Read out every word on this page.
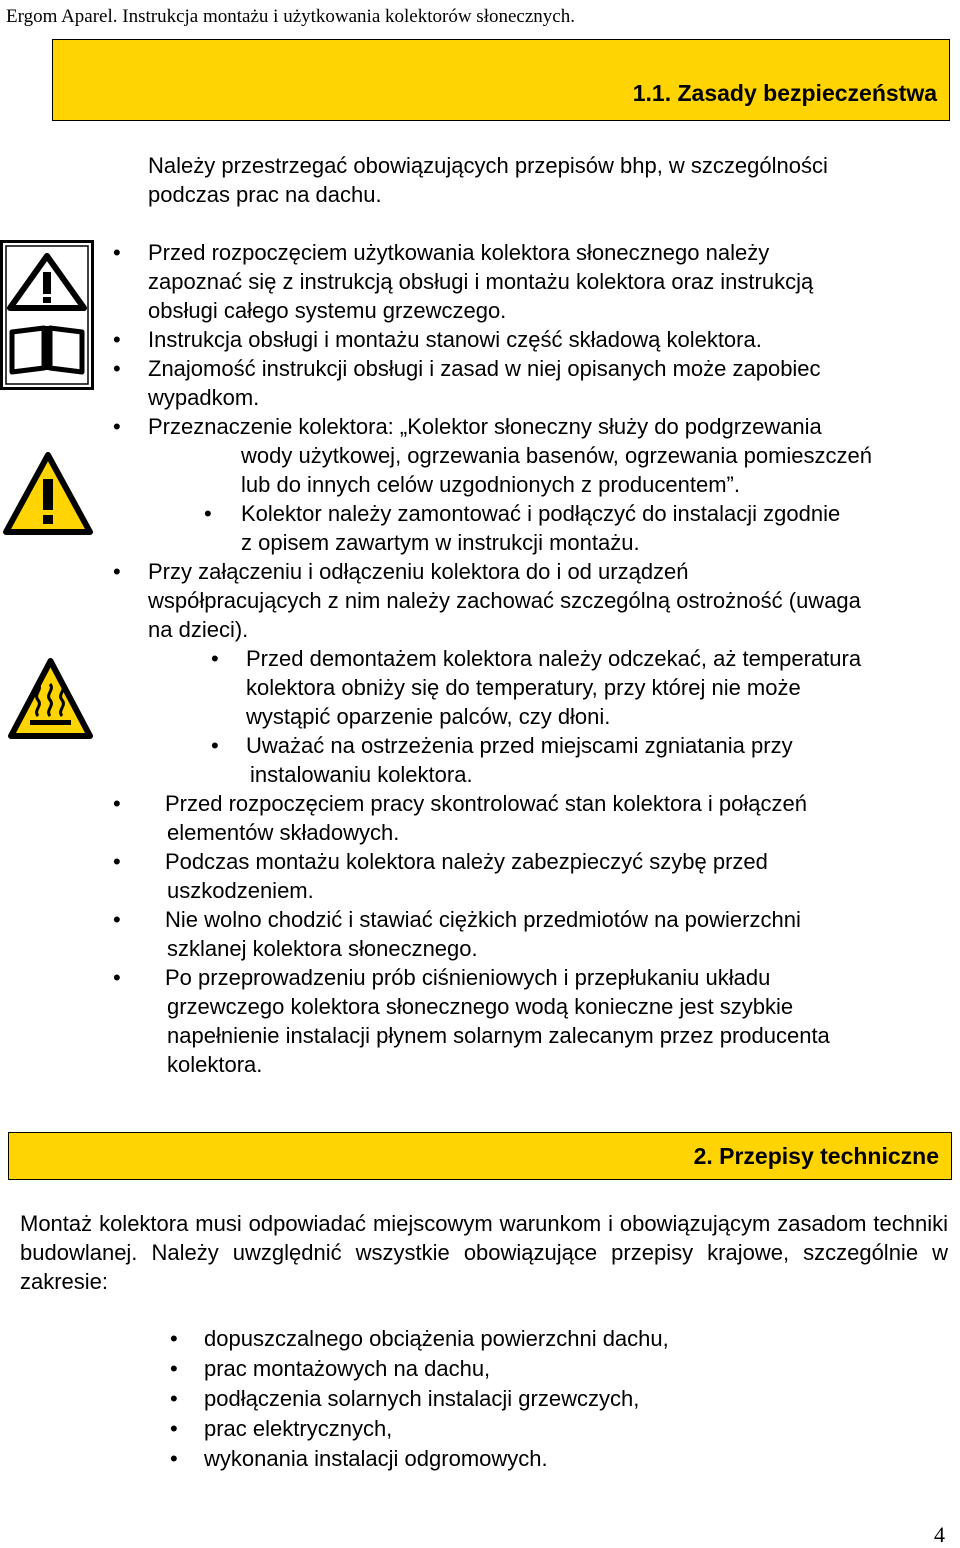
Ergom Aparel. Instrukcja montażu i użytkowania kolektorów słonecznych.
1.1. Zasady bezpieczeństwa
Należy przestrzegać obowiązujących przepisów bhp, w szczególności
podczas prac na dachu.
•
Przed rozpoczęciem użytkowania kolektora słonecznego należy
zapoznać się z instrukcją obsługi i montażu kolektora oraz instrukcją
obsługi całego systemu grzewczego.
•
Instrukcja obsługi i montażu stanowi część składową kolektora.
•
Znajomość instrukcji obsługi i zasad w niej opisanych może zapobiec
wypadkom.
•
Przeznaczenie kolektora: „Kolektor słoneczny służy do podgrzewania
wody użytkowej, ogrzewania basenów, ogrzewania pomieszczeń
lub do innych celów uzgodnionych z producentem”.
•
Kolektor należy zamontować i podłączyć do instalacji zgodnie
z opisem zawartym w instrukcji montażu.
•
Przy załączeniu i odłączeniu kolektora do i od urządzeń
współpracujących z nim należy zachować szczególną ostrożność (uwaga
na dzieci).
•
Przed demontażem kolektora należy odczekać, aż temperatura
kolektora obniży się do temperatury, przy której nie może
wystąpić oparzenie palców, czy dłoni.
•
Uważać na ostrzeżenia przed miejscami zgniatania przy
instalowaniu kolektora.
•
Przed rozpoczęciem pracy skontrolować stan kolektora i połączeń
elementów składowych.
•
Podczas montażu kolektora należy zabezpieczyć szybę przed
uszkodzeniem.
•
Nie wolno chodzić i stawiać ciężkich przedmiotów na powierzchni
szklanej kolektora słonecznego.
•
Po przeprowadzeniu prób ciśnieniowych i przepłukaniu układu
grzewczego kolektora słonecznego wodą konieczne jest szybkie
napełnienie instalacji płynem solarnym zalecanym przez producenta
kolektora.
2. Przepisy techniczne
Montaż kolektora musi odpowiadać miejscowym warunkom i obowiązującym zasadom techniki budowlanej. Należy uwzględnić wszystkie obowiązujące przepisy krajowe, szczególnie w zakresie:
•
dopuszczalnego obciążenia powierzchni dachu,
•
prac montażowych na dachu,
•
podłączenia solarnych instalacji grzewczych,
•
prac elektrycznych,
•
wykonania instalacji odgromowych.
4
